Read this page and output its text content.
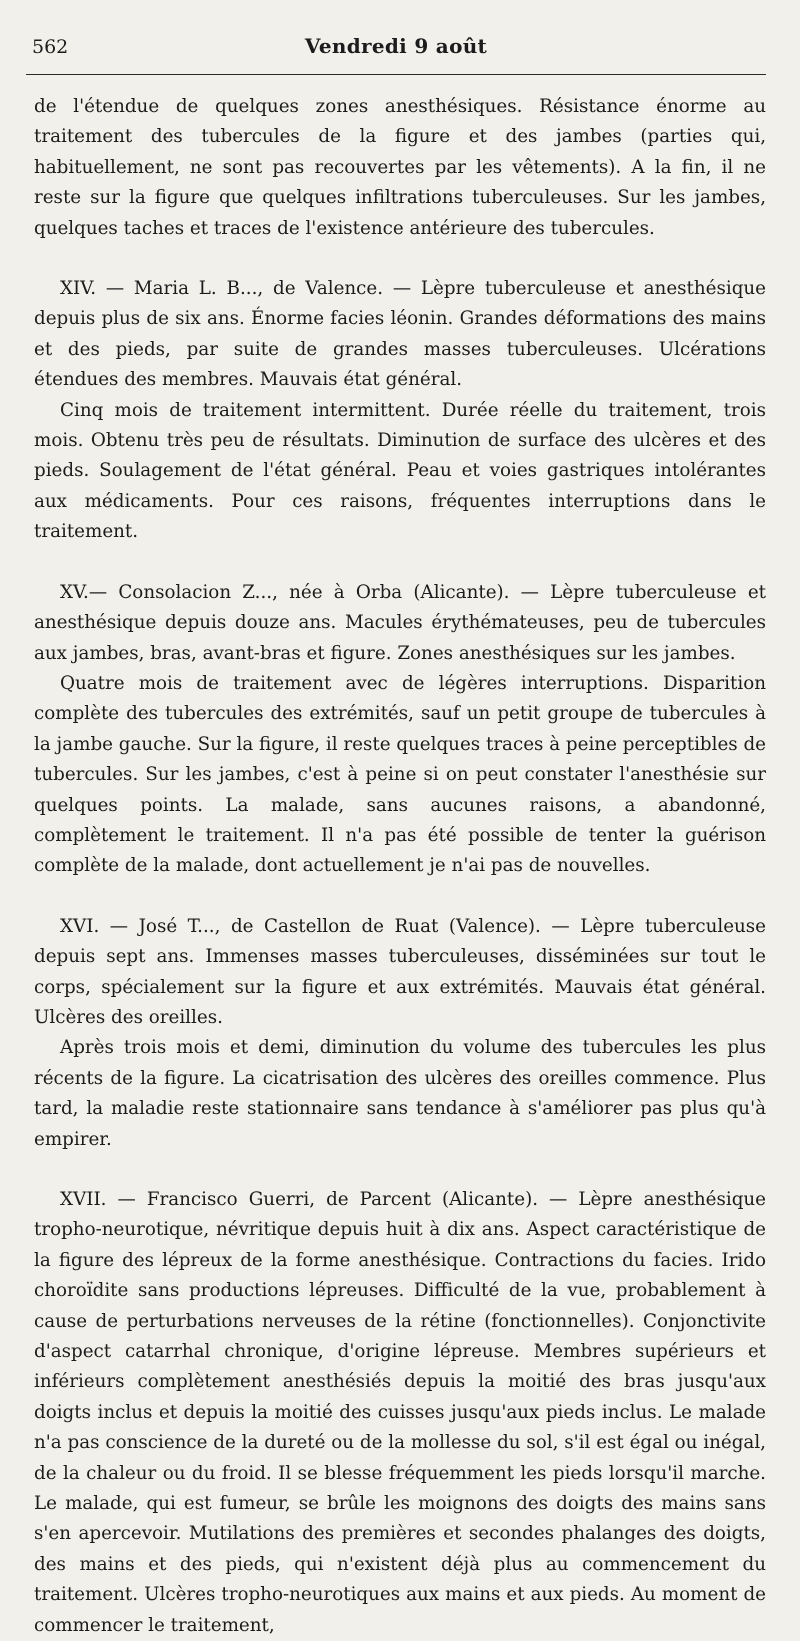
562	Vendredi 9 août

de l'étendue de quelques zones anesthésiques. Résistance énorme au traitement des tubercules de la figure et des jambes (parties qui, habituellement, ne sont pas recouvertes par les vêtements). A la fin, il ne reste sur la figure que quelques infiltrations tuberculeuses. Sur les jambes, quelques taches et traces de l'existence antérieure des tubercules.

XIV. — Maria L. B..., de Valence. — Lèpre tuberculeuse et anesthésique depuis plus de six ans. Énorme facies léonin. Grandes déformations des mains et des pieds, par suite de grandes masses tuberculeuses. Ulcérations étendues des membres. Mauvais état général.

Cinq mois de traitement intermittent. Durée réelle du traitement, trois mois. Obtenu très peu de résultats. Diminution de surface des ulcères et des pieds. Soulagement de l'état général. Peau et voies gastriques intolérantes aux médicaments. Pour ces raisons, fréquentes interruptions dans le traitement.

XV.— Consolacion Z..., née à Orba (Alicante). — Lèpre tuberculeuse et anesthésique depuis douze ans. Macules érythémateuses, peu de tubercules aux jambes, bras, avant-bras et figure. Zones anesthésiques sur les jambes.

Quatre mois de traitement avec de légères interruptions. Disparition complète des tubercules des extrémités, sauf un petit groupe de tubercules à la jambe gauche. Sur la figure, il reste quelques traces à peine perceptibles de tubercules. Sur les jambes, c'est à peine si on peut constater l'anesthésie sur quelques points. La malade, sans aucunes raisons, a abandonné, complètement le traitement. Il n'a pas été possible de tenter la guérison complète de la malade, dont actuellement je n'ai pas de nouvelles.

XVI. — José T..., de Castellon de Ruat (Valence). — Lèpre tuberculeuse depuis sept ans. Immenses masses tuberculeuses, disséminées sur tout le corps, spécialement sur la figure et aux extrémités. Mauvais état général. Ulcères des oreilles.

Après trois mois et demi, diminution du volume des tubercules les plus récents de la figure. La cicatrisation des ulcères des oreilles commence. Plus tard, la maladie reste stationnaire sans tendance à s'améliorer pas plus qu'à empirer.

XVII. — Francisco Guerri, de Parcent (Alicante). — Lèpre anesthésique tropho-neurotique, névritique depuis huit à dix ans. Aspect caractéristique de la figure des lépreux de la forme anesthésique. Contractions du facies. Irido choroïdite sans productions lépreuses. Difficulté de la vue, probablement à cause de perturbations nerveuses de la rétine (fonctionnelles). Conjonctivite d'aspect catarrhal chronique, d'origine lépreuse. Membres supérieurs et inférieurs complètement anesthésiés depuis la moitié des bras jusqu'aux doigts inclus et depuis la moitié des cuisses jusqu'aux pieds inclus. Le malade n'a pas conscience de la dureté ou de la mollesse du sol, s'il est égal ou inégal, de la chaleur ou du froid. Il se blesse fréquemment les pieds lorsqu'il marche. Le malade, qui est fumeur, se brûle les moignons des doigts des mains sans s'en apercevoir. Mutilations des premières et secondes phalanges des doigts, des mains et des pieds, qui n'existent déjà plus au commencement du traitement. Ulcères tropho-neurotiques aux mains et aux pieds. Au moment de commencer le traitement,
